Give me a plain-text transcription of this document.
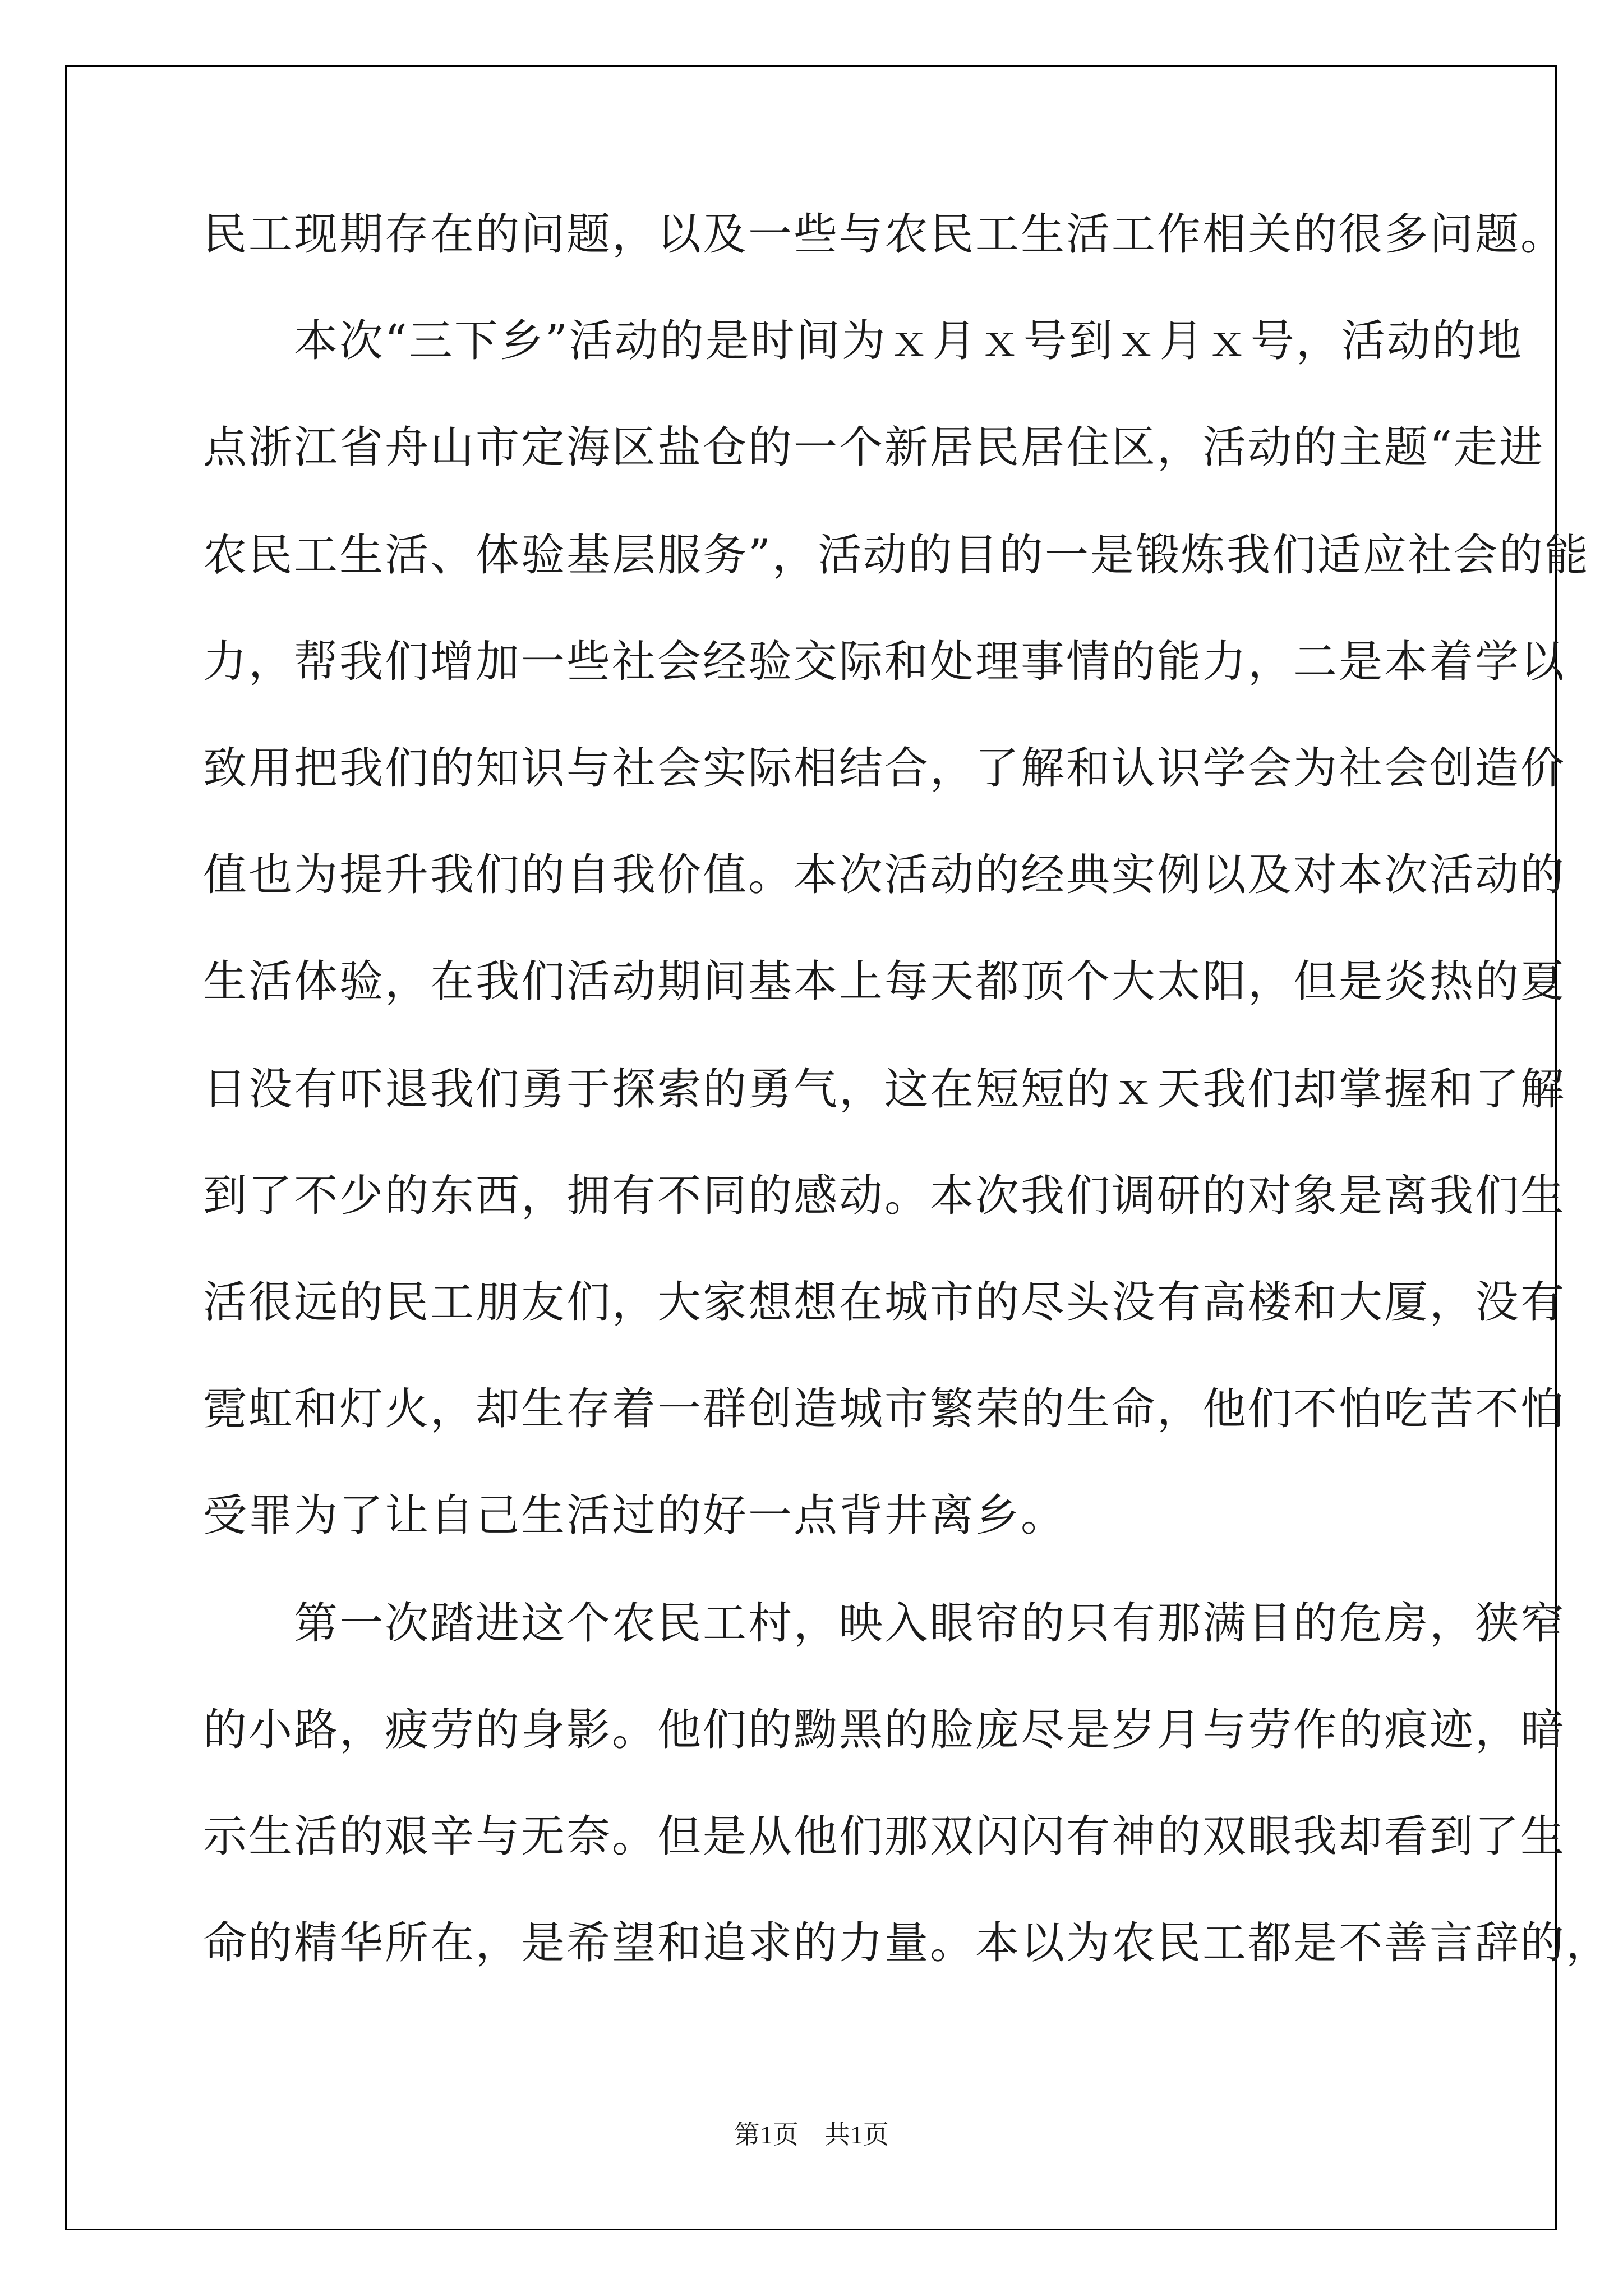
民工现期存在的问题，以及一些与农民工生活工作相关的很多问题。
　　本次“三下乡”活动的是时间为ｘ月ｘ号到ｘ月ｘ号，活动的地
点浙江省舟山市定海区盐仓的一个新居民居住区，活动的主题“走进
农民工生活、体验基层服务”，活动的目的一是锻炼我们适应社会的能
力，帮我们增加一些社会经验交际和处理事情的能力，二是本着学以
致用把我们的知识与社会实际相结合，了解和认识学会为社会创造价
值也为提升我们的自我价值。本次活动的经典实例以及对本次活动的
生活体验，在我们活动期间基本上每天都顶个大太阳，但是炎热的夏
日没有吓退我们勇于探索的勇气，这在短短的ｘ天我们却掌握和了解
到了不少的东西，拥有不同的感动。本次我们调研的对象是离我们生
活很远的民工朋友们，大家想想在城市的尽头没有高楼和大厦，没有
霓虹和灯火，却生存着一群创造城市繁荣的生命，他们不怕吃苦不怕
受罪为了让自己生活过的好一点背井离乡。
　　第一次踏进这个农民工村，映入眼帘的只有那满目的危房，狭窄
的小路，疲劳的身影。他们的黝黑的脸庞尽是岁月与劳作的痕迹，暗
示生活的艰辛与无奈。但是从他们那双闪闪有神的双眼我却看到了生
命的精华所在，是希望和追求的力量。本以为农民工都是不善言辞的，
第1页　共1页
